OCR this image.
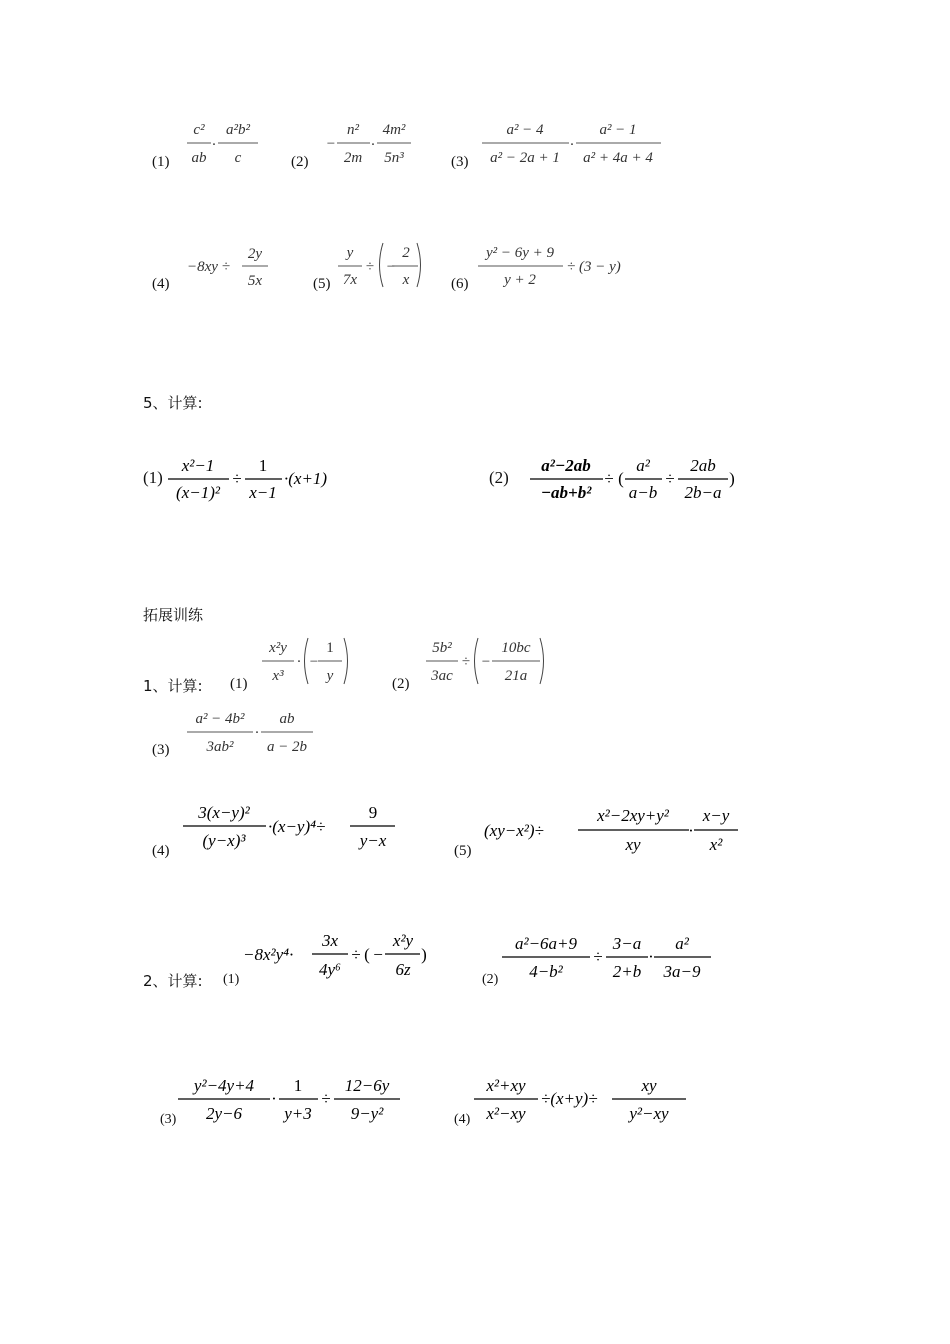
(1)	(2)	(3)
(4)	(5)	(6)
5、计算:
(1)	(2)
拓展训练
1、计算: (1)	(2)
(3)
(4)	(5)
2、计算: (1)	(2)
(3)	(4)
c²
ab
·
a²b²
c
−
n²
2m
·
4m²
5n³
a² − 4
a² − 2a + 1
·
a² − 1
a² + 4a + 4
−8xy ÷
2y
5x
y
7x
÷ −
2
x
y² − 6y + 9
y + 2
÷ (3 − y)
x²−1
(x−1)²
÷
1
x−1
·(x+1)
a²−2ab
−ab+b²
÷ (
a²
a−b
÷
2ab
2b−a
)
x²y
x³
· −
1
y
5b²
3ac
÷ −
10bc
21a
a² − 4b²
3ab²
·
ab
a − 2b
3(x−y)²
(y−x)³
·(x−y)⁴÷
9
y−x
(xy−x²)÷
x²−2xy+y²
xy
·
x−y
x²
−8x²y⁴·
3x
4y⁶
÷ ( −
x²y
6z
)
a²−6a+9
4−b²
÷
3−a
2+b
·
a²
3a−9
y²−4y+4
2y−6
·
1
y+3
÷
12−6y
9−y²
x²+xy
x²−xy
÷(x+y)÷
xy
y²−xy
